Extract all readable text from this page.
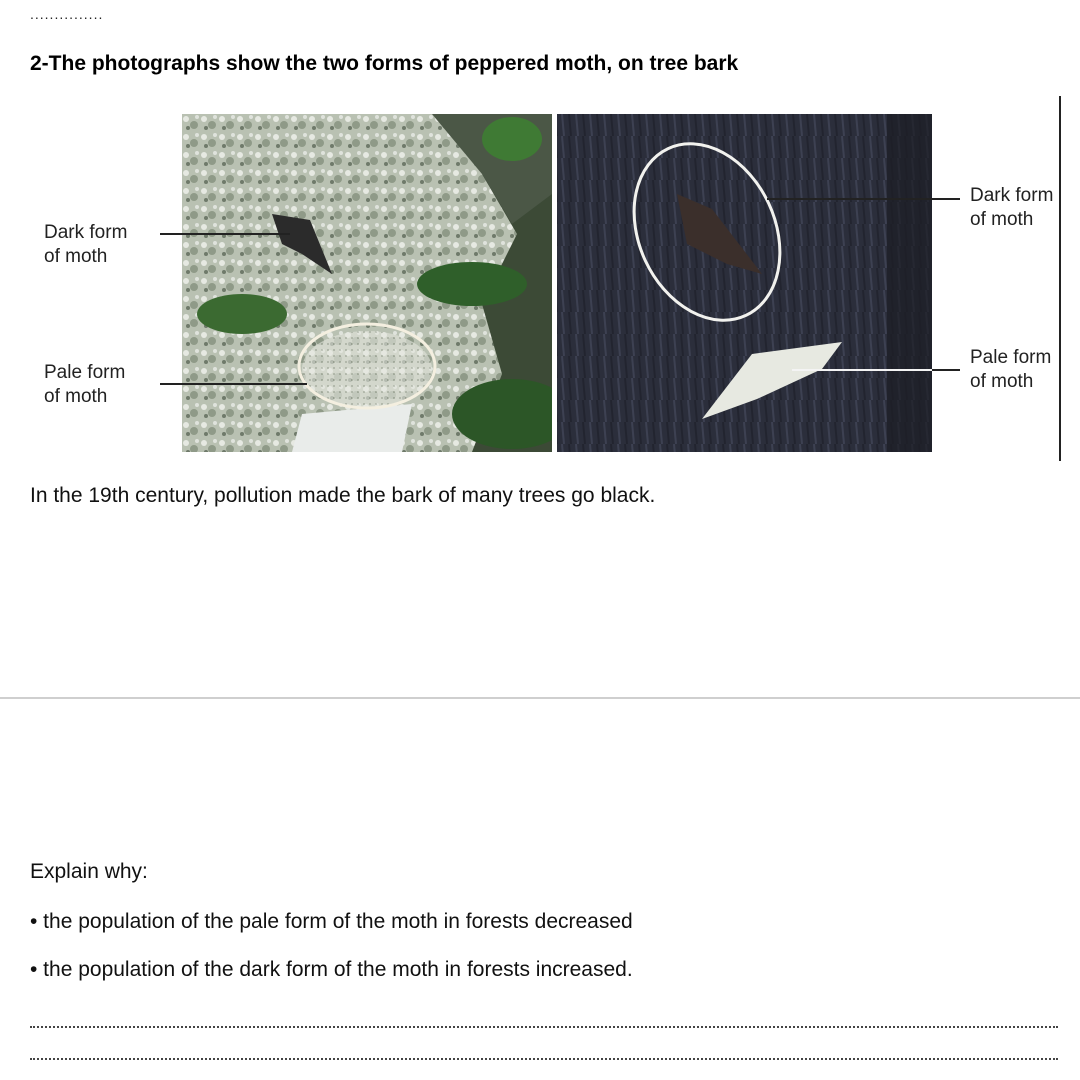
...............
2-The photographs show the two forms of peppered moth, on tree bark
Dark form
of moth
Pale form
of moth
Dark form
of moth
Pale form
of moth
In the 19th century, pollution made the bark of many trees go black.
Explain why:
• the population of the pale form of the moth in forests decreased
• the population of the dark form of the moth in forests increased.
